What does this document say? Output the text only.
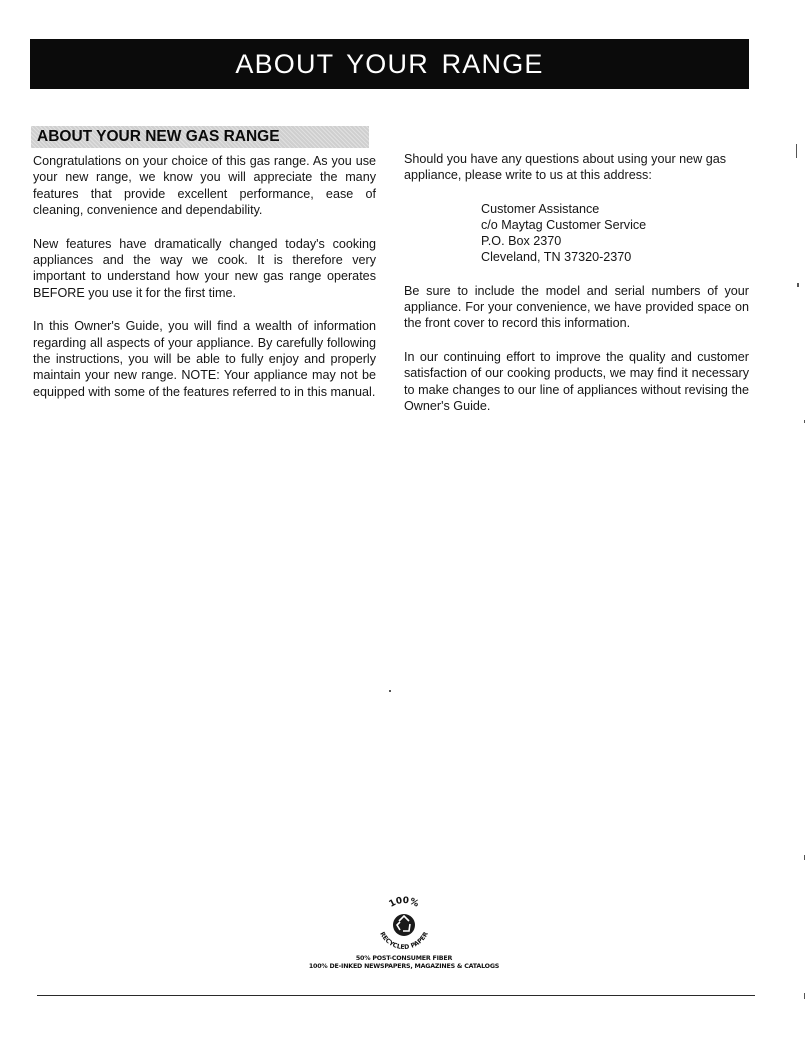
ABOUT YOUR RANGE
ABOUT YOUR NEW GAS RANGE

Congratulations on your choice of this gas range. As you use your new range, we know you will appreciate the many features that provide excellent performance, ease of cleaning, convenience and dependability.

New features have dramatically changed today's cooking appliances and the way we cook. It is therefore very important to understand how your new gas range operates BEFORE you use it for the first time.

In this Owner's Guide, you will find a wealth of information regarding all aspects of your appliance. By carefully following the instructions, you will be able to fully enjoy and properly maintain your new range. NOTE: Your appliance may not be equipped with some of the features referred to in this manual.

Should you have any questions about using your new gas appliance, please write to us at this address:

Customer Assistance
c/o Maytag Customer Service
P.O. Box 2370
Cleveland, TN 37320-2370

Be sure to include the model and serial numbers of your appliance. For your convenience, we have provided space on the front cover to record this information.

In our continuing effort to improve the quality and customer satisfaction of our cooking products, we may find it necessary to make changes to our line of appliances without revising the Owner's Guide.

100%
RECYCLED PAPER
50% POST-CONSUMER FIBER
100% DE-INKED NEWSPAPERS, MAGAZINES & CATALOGS
